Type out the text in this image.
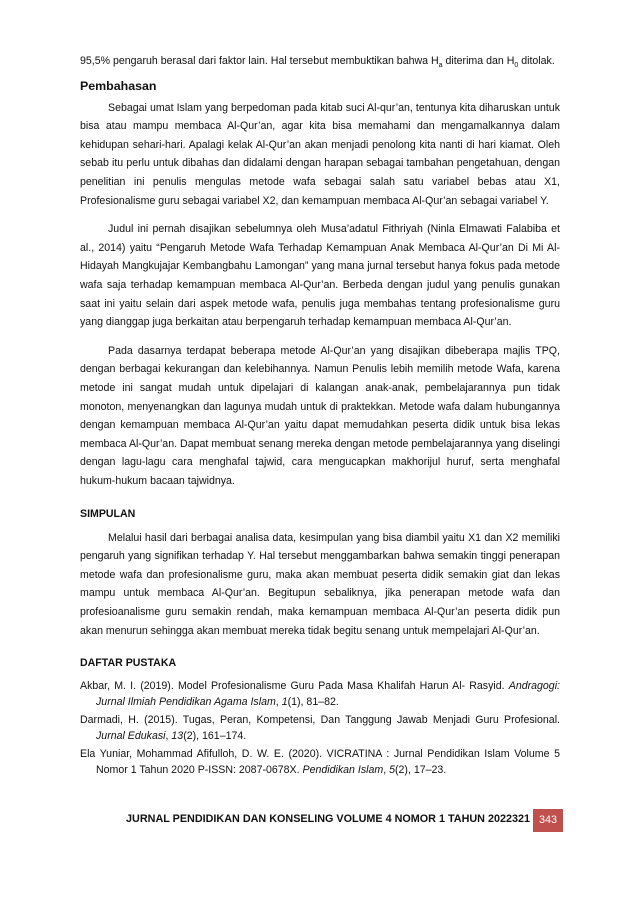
95,5% pengaruh berasal dari faktor lain. Hal tersebut membuktikan bahwa $H_a$ diterima dan $H_0$ ditolak.

Pembahasan

Sebagai umat Islam yang berpedoman pada kitab suci Al-qur’an, tentunya kita diharuskan untuk bisa atau mampu membaca Al-Qur’an, agar kita bisa memahami dan mengamalkannya dalam kehidupan sehari-hari. Apalagi kelak Al-Qur’an akan menjadi penolong kita nanti di hari kiamat. Oleh sebab itu perlu untuk dibahas dan didalami dengan harapan sebagai tambahan pengetahuan, dengan penelitian ini penulis mengulas metode wafa sebagai salah satu variabel bebas atau X1, Profesionalisme guru sebagai variabel X2, dan kemampuan membaca Al-Qur’an sebagai variabel Y.

Judul ini pernah disajikan sebelumnya oleh Musa’adatul Fithriyah (Ninla Elmawati Falabiba et al., 2014) yaitu “Pengaruh Metode Wafa Terhadap Kemampuan Anak Membaca Al-Qur’an Di Mi Al-Hidayah Mangkujajar Kembangbahu Lamongan” yang mana jurnal tersebut hanya fokus pada metode wafa saja terhadap kemampuan membaca Al-Qur’an. Berbeda dengan judul yang penulis gunakan saat ini yaitu selain dari aspek metode wafa, penulis juga membahas tentang profesionalisme guru yang dianggap juga berkaitan atau berpengaruh terhadap kemampuan membaca Al-Qur’an.

Pada dasarnya terdapat beberapa metode Al-Qur’an yang disajikan dibeberapa majlis TPQ, dengan berbagai kekurangan dan kelebihannya. Namun Penulis lebih memilih metode Wafa, karena metode ini sangat mudah untuk dipelajari di kalangan anak-anak, pembelajarannya pun tidak monoton, menyenangkan dan lagunya mudah untuk di praktekkan. Metode wafa dalam hubungannya dengan kemampuan membaca Al-Qur’an yaitu dapat memudahkan peserta didik untuk bisa lekas membaca Al-Qur’an. Dapat membuat senang mereka dengan metode pembelajarannya yang diselingi dengan lagu-lagu cara menghafal tajwid, cara mengucapkan makhorijul huruf, serta menghafal hukum-hukum bacaan tajwidnya.

SIMPULAN

Melalui hasil dari berbagai analisa data, kesimpulan yang bisa diambil yaitu X1 dan X2 memiliki pengaruh yang signifikan terhadap Y. Hal tersebut menggambarkan bahwa semakin tinggi penerapan metode wafa dan profesionalisme guru, maka akan membuat peserta didik semakin giat dan lekas mampu untuk membaca Al-Qur’an. Begitupun sebaliknya, jika penerapan metode wafa dan profesioanalisme guru semakin rendah, maka kemampuan membaca Al-Qur’an peserta didik pun akan menurun sehingga akan membuat mereka tidak begitu senang untuk mempelajari Al-Qur’an.

DAFTAR PUSTAKA

Akbar, M. I. (2019). Model Profesionalisme Guru Pada Masa Khalifah Harun Al- Rasyid. Andragogi: Jurnal Ilmiah Pendidikan Agama Islam, 1(1), 81–82.

Darmadi, H. (2015). Tugas, Peran, Kompetensi, Dan Tanggung Jawab Menjadi Guru Profesional. Jurnal Edukasi, 13(2), 161–174.

Ela Yuniar, Mohammad Afifulloh, D. W. E. (2020). VICRATINA : Jurnal Pendidikan Islam Volume 5 Nomor 1 Tahun 2020 P-ISSN: 2087-0678X. Pendidikan Islam, 5(2), 17–23.

JURNAL PENDIDIKAN DAN KONSELING VOLUME 4 NOMOR 1 TAHUN 2022321 343
